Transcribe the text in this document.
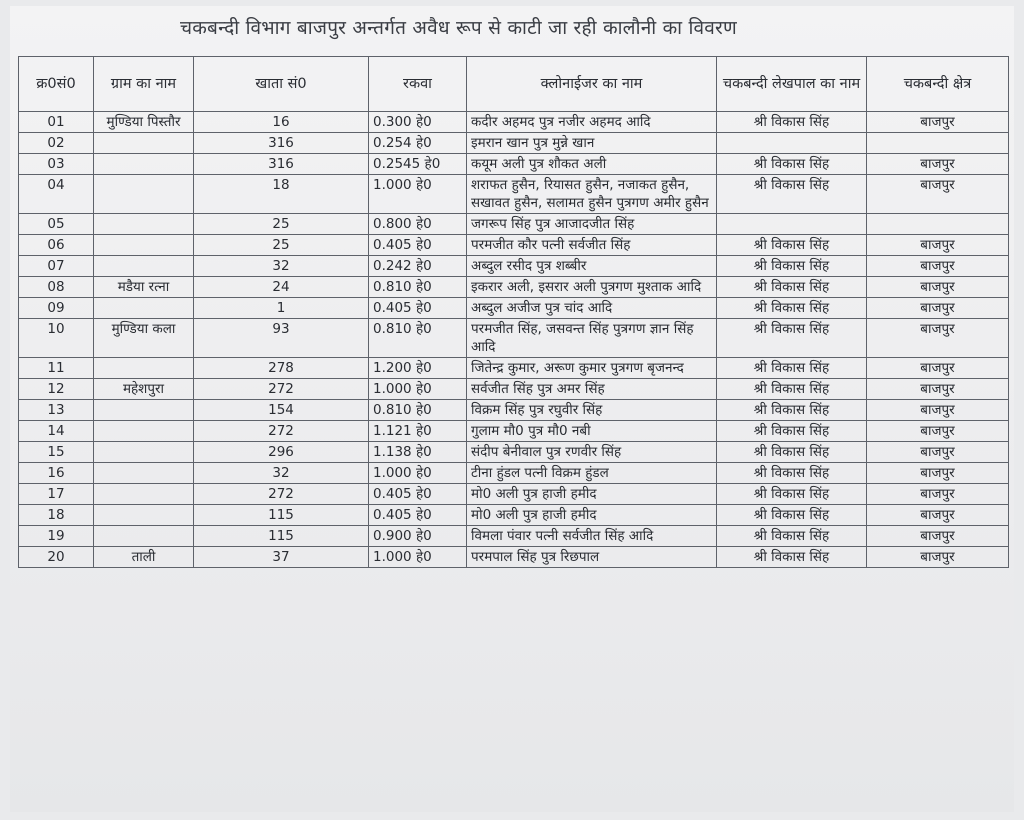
चकबन्दी विभाग बाजपुर अन्तर्गत अवैध रूप से काटी जा रही कालौनी का विवरण
क्र0सं0	ग्राम का नाम	खाता सं0	रकवा	क्लोनाईजर का नाम	चकबन्दी लेखपाल का नाम	चकबन्दी क्षेत्र
01	मुण्डिया पिस्तौर	16	0.300 हे0	कदीर अहमद पुत्र नजीर अहमद आदि	श्री विकास सिंह	बाजपुर
02		316	0.254 हे0	इमरान खान पुत्र मुन्ने खान		
03		316	0.2545 हे0	कयूम अली पुत्र शौकत अली	श्री विकास सिंह	बाजपुर
04		18	1.000 हे0	शराफत हुसैन, रियासत हुसैन, नजाकत हुसैन, सखावत हुसैन, सलामत हुसैन पुत्रगण अमीर हुसैन	श्री विकास सिंह	बाजपुर
05		25	0.800 हे0	जगरूप सिंह पुत्र आजादजीत सिंह		
06		25	0.405 हे0	परमजीत कौर पत्नी सर्वजीत सिंह	श्री विकास सिंह	बाजपुर
07		32	0.242 हे0	अब्दुल रसीद पुत्र शब्बीर	श्री विकास सिंह	बाजपुर
08	मडैया रत्ना	24	0.810 हे0	इकरार अली, इसरार अली पुत्रगण मुश्ताक आदि	श्री विकास सिंह	बाजपुर
09		1	0.405 हे0	अब्दुल अजीज पुत्र चांद आदि	श्री विकास सिंह	बाजपुर
10	मुण्डिया कला	93	0.810 हे0	परमजीत सिंह, जसवन्त सिंह पुत्रगण ज्ञान सिंह आदि	श्री विकास सिंह	बाजपुर
11		278	1.200 हे0	जितेन्द्र कुमार, अरूण कुमार पुत्रगण बृजनन्द	श्री विकास सिंह	बाजपुर
12	महेशपुरा	272	1.000 हे0	सर्वजीत सिंह पुत्र अमर सिंह	श्री विकास सिंह	बाजपुर
13		154	0.810 हे0	विक्रम सिंह पुत्र रघुवीर सिंह	श्री विकास सिंह	बाजपुर
14		272	1.121 हे0	गुलाम मौ0 पुत्र मौ0 नबी	श्री विकास सिंह	बाजपुर
15		296	1.138 हे0	संदीप बेनीवाल पुत्र रणवीर सिंह	श्री विकास सिंह	बाजपुर
16		32	1.000 हे0	टीना हुंडल पत्नी विक्रम हुंडल	श्री विकास सिंह	बाजपुर
17		272	0.405 हे0	मो0 अली पुत्र हाजी हमीद	श्री विकास सिंह	बाजपुर
18		115	0.405 हे0	मो0 अली पुत्र हाजी हमीद	श्री विकास सिंह	बाजपुर
19		115	0.900 हे0	विमला पंवार पत्नी सर्वजीत सिंह आदि	श्री विकास सिंह	बाजपुर
20	ताली	37	1.000 हे0	परमपाल सिंह पुत्र रिछपाल	श्री विकास सिंह	बाजपुर
